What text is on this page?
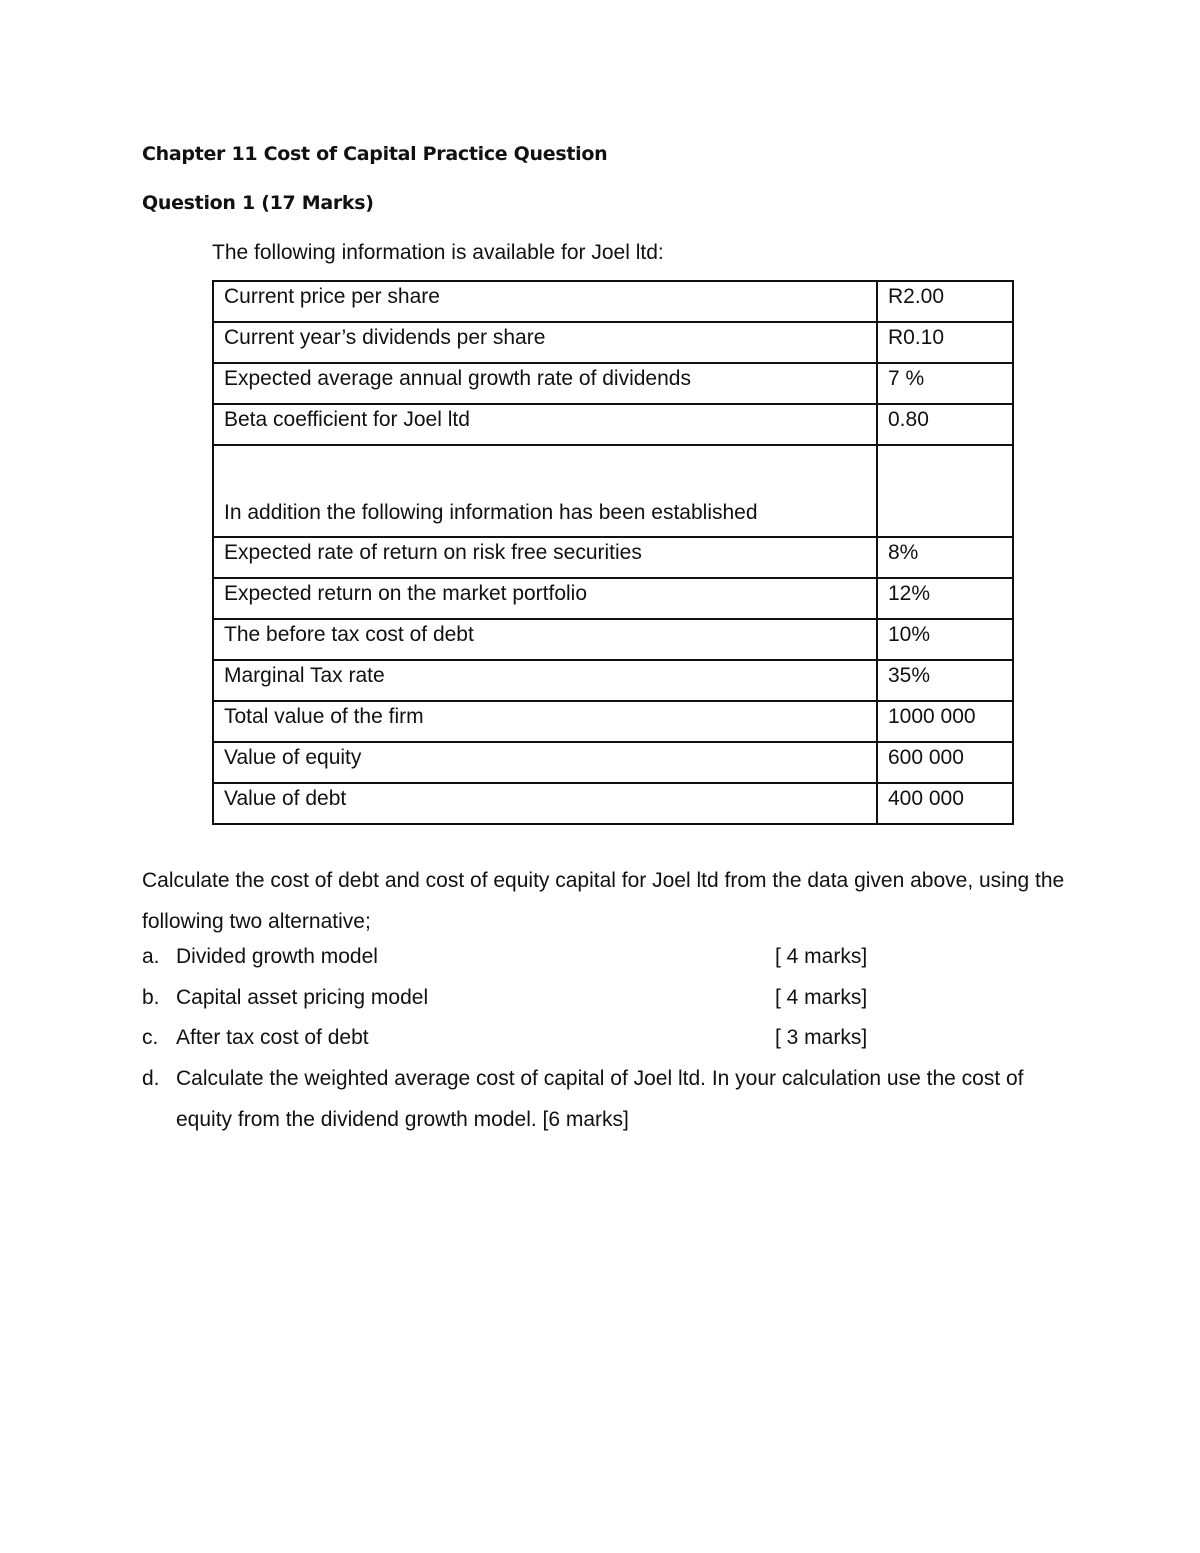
Chapter 11 Cost of Capital Practice Question
Question 1 (17 Marks)

The following information is available for Joel ltd:

Current price per share	R2.00
Current year’s dividends per share	R0.10
Expected average annual growth rate of dividends	7 %
Beta coefficient for Joel ltd	0.80
In addition the following information has been established	
Expected rate of return on risk free securities	8%
Expected return on the market portfolio	12%
The before tax cost of debt	10%
Marginal Tax rate	35%
Total value of the firm	1000 000
Value of equity	600 000
Value of debt	400 000

Calculate the cost of debt and cost of equity capital for Joel ltd from the data given above, using the following two alternative;

a. Divided growth model	[ 4 marks]
b. Capital asset pricing model	[ 4 marks]
c. After tax cost of debt	[ 3 marks]
d. Calculate the weighted average cost of capital of Joel ltd. In your calculation use the cost of equity from the dividend growth model. [6 marks]
